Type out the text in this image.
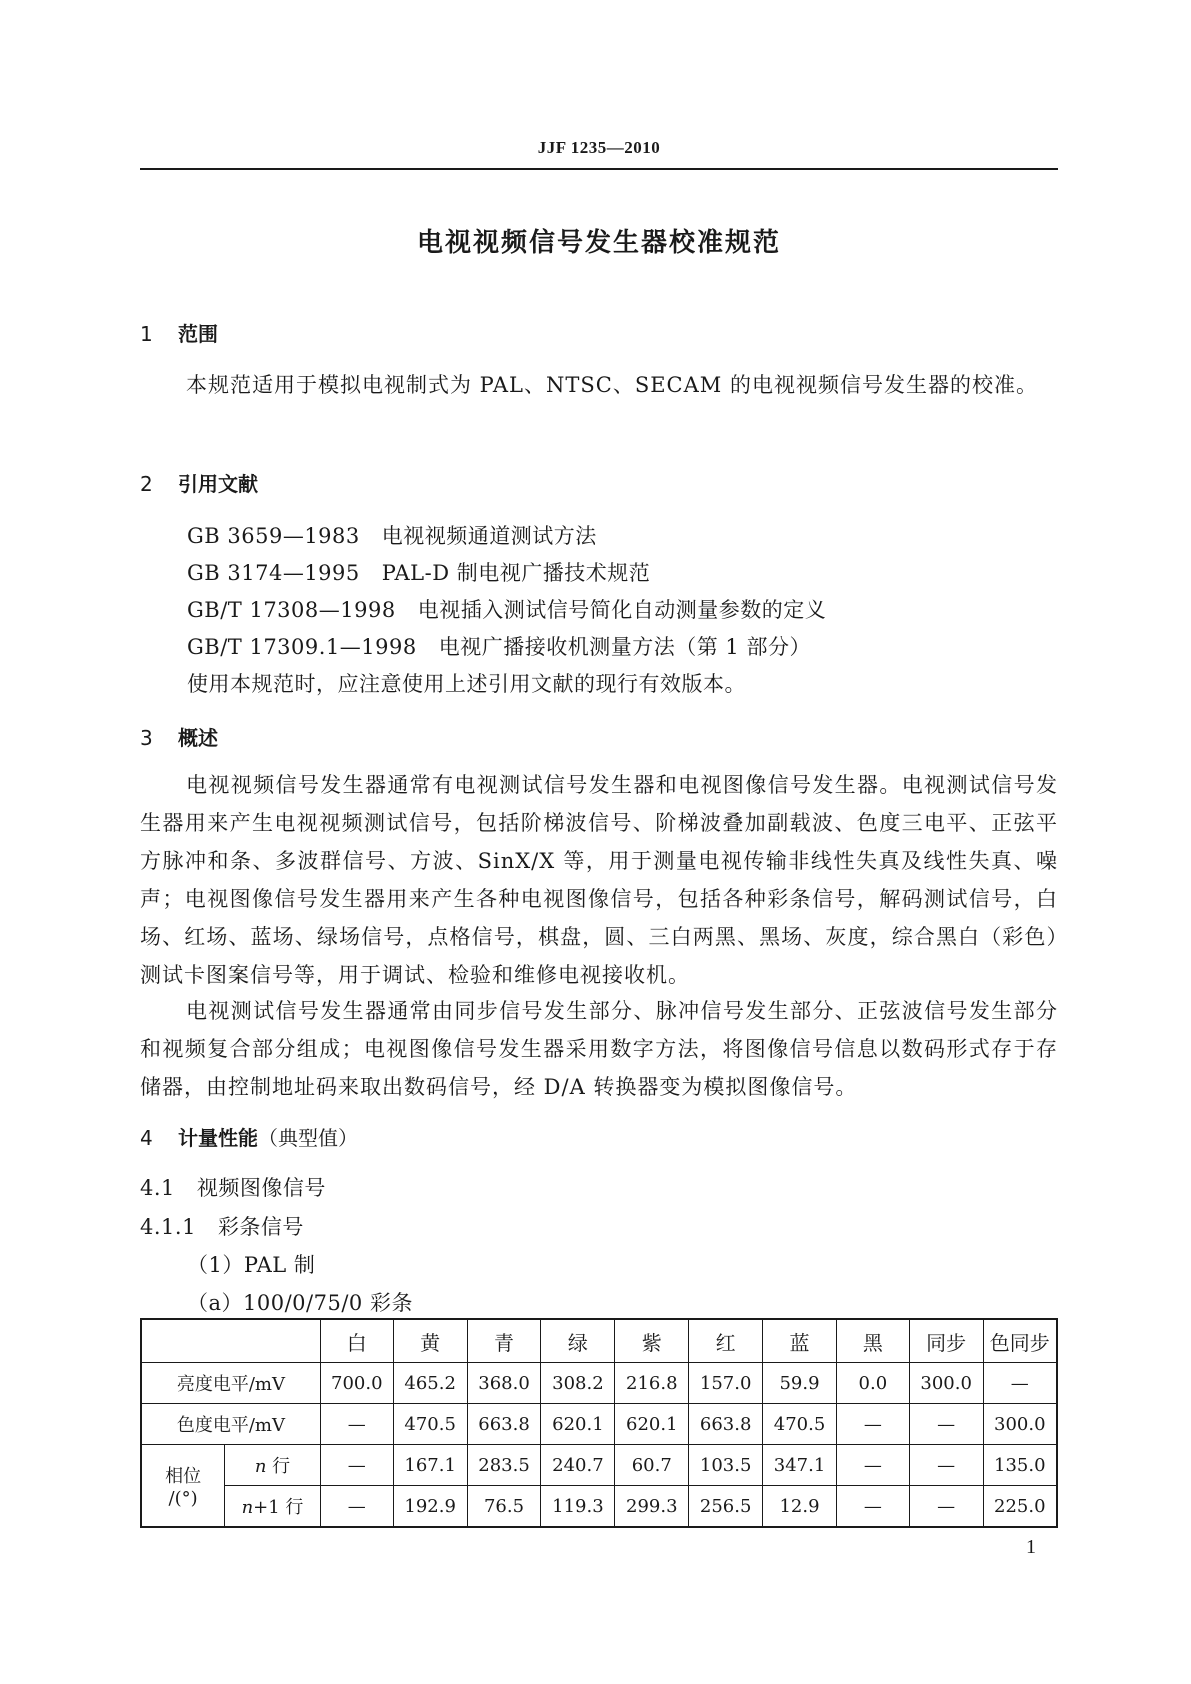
JJF 1235—2010
电视视频信号发生器校准规范
1 范围
本规范适用于模拟电视制式为 PAL、NTSC、SECAM 的电视视频信号发生器的校准。
2 引用文献
GB 3659—1983 电视视频通道测试方法
GB 3174—1995 PAL-D 制电视广播技术规范
GB/T 17308—1998 电视插入测试信号简化自动测量参数的定义
GB/T 17309.1—1998 电视广播接收机测量方法（第 1 部分）
使用本规范时，应注意使用上述引用文献的现行有效版本。
3 概述
电视视频信号发生器通常有电视测试信号发生器和电视图像信号发生器。电视测试信号发生器用来产生电视视频测试信号，包括阶梯波信号、阶梯波叠加副载波、色度三电平、正弦平方脉冲和条、多波群信号、方波、SinX/X 等，用于测量电视传输非线性失真及线性失真、噪声；电视图像信号发生器用来产生各种电视图像信号，包括各种彩条信号，解码测试信号，白场、红场、蓝场、绿场信号，点格信号，棋盘，圆、三白两黑、黑场、灰度，综合黑白（彩色）测试卡图案信号等，用于调试、检验和维修电视接收机。
电视测试信号发生器通常由同步信号发生部分、脉冲信号发生部分、正弦波信号发生部分和视频复合部分组成；电视图像信号发生器采用数字方法，将图像信号信息以数码形式存于存储器，由控制地址码来取出数码信号，经 D/A 转换器变为模拟图像信号。
4 计量性能（典型值）
4.1 视频图像信号
4.1.1 彩条信号
（1）PAL 制
（a）100/0/75/0 彩条
		白	黄	青	绿	紫	红	蓝	黑	同步	色同步
亮度电平/mV		700.0	465.2	368.0	308.2	216.8	157.0	59.9	0.0	300.0	—
色度电平/mV		—	470.5	663.8	620.1	620.1	663.8	470.5	—	—	300.0

相位
/(°)	n 行	—	167.1	283.5	240.7	60.7	103.5	347.1	—	—	135.0
	n+1 行	—	192.9	76.5	119.3	299.3	256.5	12.9	—	—	225.0
1
